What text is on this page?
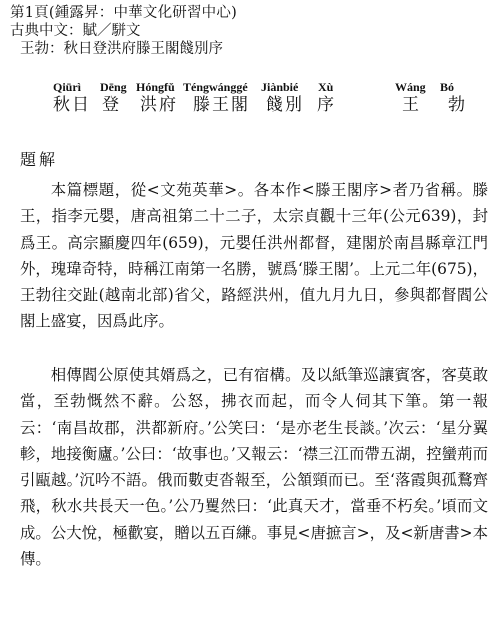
第1頁(鍾露昇：中華文化研習中心)
古典中文：賦／駢文
王勃：秋日登洪府滕王閣餞別序
Qiūrì Dēng Hóngfǔ Téngwánggé Jiànbié Xù	Wáng Bó
秋日 登 洪府 滕王閣 餞別 序	王 勃
題解

本篇標題，從<文苑英華>。各本作<滕王閣序>者乃省稱。滕王，指李元嬰，唐高祖第二十二子，太宗貞觀十三年(公元639)，封爲王。高宗顯慶四年(659)，元嬰任洪州都督，建閣於南昌縣章江門外，瑰瑋奇特，時稱江南第一名勝，號爲‘滕王閣’。上元二年(675)，王勃往交趾(越南北部)省父，路經洪州，值九月九日，參與都督閻公閣上盛宴，因爲此序。

相傳閻公原使其婿爲之，已有宿構。及以紙筆巡讓賓客，客莫敢當，至勃慨然不辭。公怒，拂衣而起，而令人伺其下筆。第一報云：‘南昌故郡，洪都新府。’公笑曰：‘是亦老生長談。’次云：‘星分翼軫，地接衡廬。’公曰：‘故事也。’又報云：‘襟三江而帶五湖，控蠻荊而引甌越。’沉吟不語。俄而數吏沓報至，公頷頸而已。至‘落霞與孤鶩齊飛，秋水共長天一色。’公乃矍然曰：‘此真天才，當垂不朽矣。’頃而文成。公大悅，極歡宴，贈以五百縑。事見<唐摭言>，及<新唐書>本傳。
